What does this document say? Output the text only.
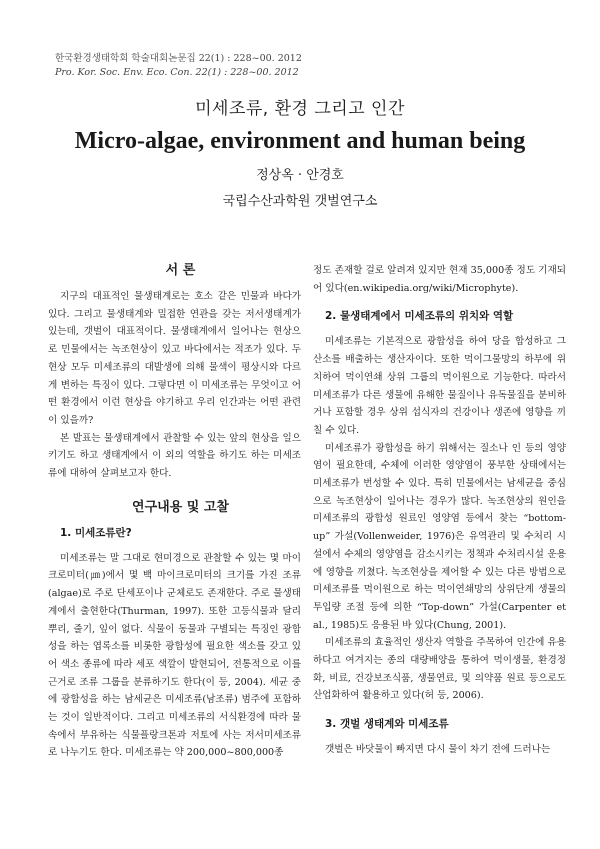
한국환경생태학회 학술대회논문집 22(1) : 228~00. 2012
Pro. Kor. Soc. Env. Eco. Con. 22(1) : 228~00. 2012
미세조류, 환경 그리고 인간
Micro-algae, environment and human being
정상옥 · 안경호
국립수산과학원 갯벌연구소

서 론

지구의 대표적인 물생태계로는 호소 같은 민물과 바다가 있다. 그리고 물생태계와 밀접한 연관을 갖는 저서생태계가 있는데, 갯벌이 대표적이다. 물생태계에서 일어나는 현상으로 민물에서는 녹조현상이 있고 바다에서는 적조가 있다. 두 현상 모두 미세조류의 대발생에 의해 물색이 평상시와 다르게 변하는 특징이 있다. 그렇다면 이 미세조류는 무엇이고 어떤 환경에서 이런 현상을 야기하고 우리 인간과는 어떤 관련이 있을까?

본 발표는 물생태계에서 관찰할 수 있는 앞의 현상을 일으키기도 하고 생태계에서 이 외의 역할을 하기도 하는 미세조류에 대하여 살펴보고자 한다.

연구내용 및 고찰

1. 미세조류란?

미세조류는 말 그대로 현미경으로 관찰할 수 있는 몇 마이크로미터(㎛)에서 몇 백 마이크로미터의 크기를 가진 조류(algae)로 주로 단세포이나 군체로도 존재한다. 주로 물생태계에서 출현한다(Thurman, 1997). 또한 고등식물과 달리 뿌리, 줄기, 잎이 없다. 식물이 동물과 구별되는 특징인 광합성을 하는 엽록소를 비롯한 광합성에 필요한 색소를 갖고 있어 색소 종류에 따라 세포 색깔이 발현되어, 전통적으로 이를 근거로 조류 그룹을 분류하기도 한다(이 등, 2004). 세균 중에 광합성을 하는 남세균은 미세조류(남조류) 범주에 포함하는 것이 일반적이다. 그리고 미세조류의 서식환경에 따라 물 속에서 부유하는 식물플랑크톤과 저토에 사는 저서미세조류로 나누기도 한다. 미세조류는 약 200,000~800,000종

정도 존재할 걸로 알려져 있지만 현재 35,000종 정도 기재되어 있다(en.wikipedia.org/wiki/Microphyte).

2. 물생태계에서 미세조류의 위치와 역할

미세조류는 기본적으로 광합성을 하여 당을 합성하고 그 산소를 배출하는 생산자이다. 또한 먹이그물망의 하부에 위치하여 먹이연쇄 상위 그룹의 먹이원으로 기능한다. 따라서 미세조류가 다른 생물에 유해한 물질이나 유독물질을 분비하거나 포함할 경우 상위 섭식자의 건강이나 생존에 영향을 끼칠 수 있다.

미세조류가 광합성을 하기 위해서는 질소나 인 등의 영양염이 필요한데, 수체에 이러한 영양염이 풍부한 상태에서는 미세조류가 번성할 수 있다. 특히 민물에서는 남세균을 중심으로 녹조현상이 일어나는 경우가 많다. 녹조현상의 원인을 미세조류의 광합성 원료인 영양염 등에서 찾는 “bottom-up” 가설(Vollenweider, 1976)은 유역관리 및 수처리 시설에서 수체의 영양염을 감소시키는 정책과 수처리시설 운용에 영향을 끼쳤다. 녹조현상을 제어할 수 있는 다른 방법으로 미세조류를 먹이원으로 하는 먹이연쇄망의 상위단계 생물의 투입량 조절 등에 의한 “Top-down” 가설(Carpenter et al., 1985)도 응용된 바 있다(Chung, 2001).

미세조류의 효율적인 생산자 역할을 주목하여 인간에 유용하다고 여겨지는 종의 대량배양을 통하여 먹이생물, 환경정화, 비료, 건강보조식품, 생물연료, 및 의약품 원료 등으로도 산업화하여 활용하고 있다(허 등, 2006).

3. 갯벌 생태계와 미세조류

갯벌은 바닷물이 빠지면 다시 물이 차기 전에 드러나는
